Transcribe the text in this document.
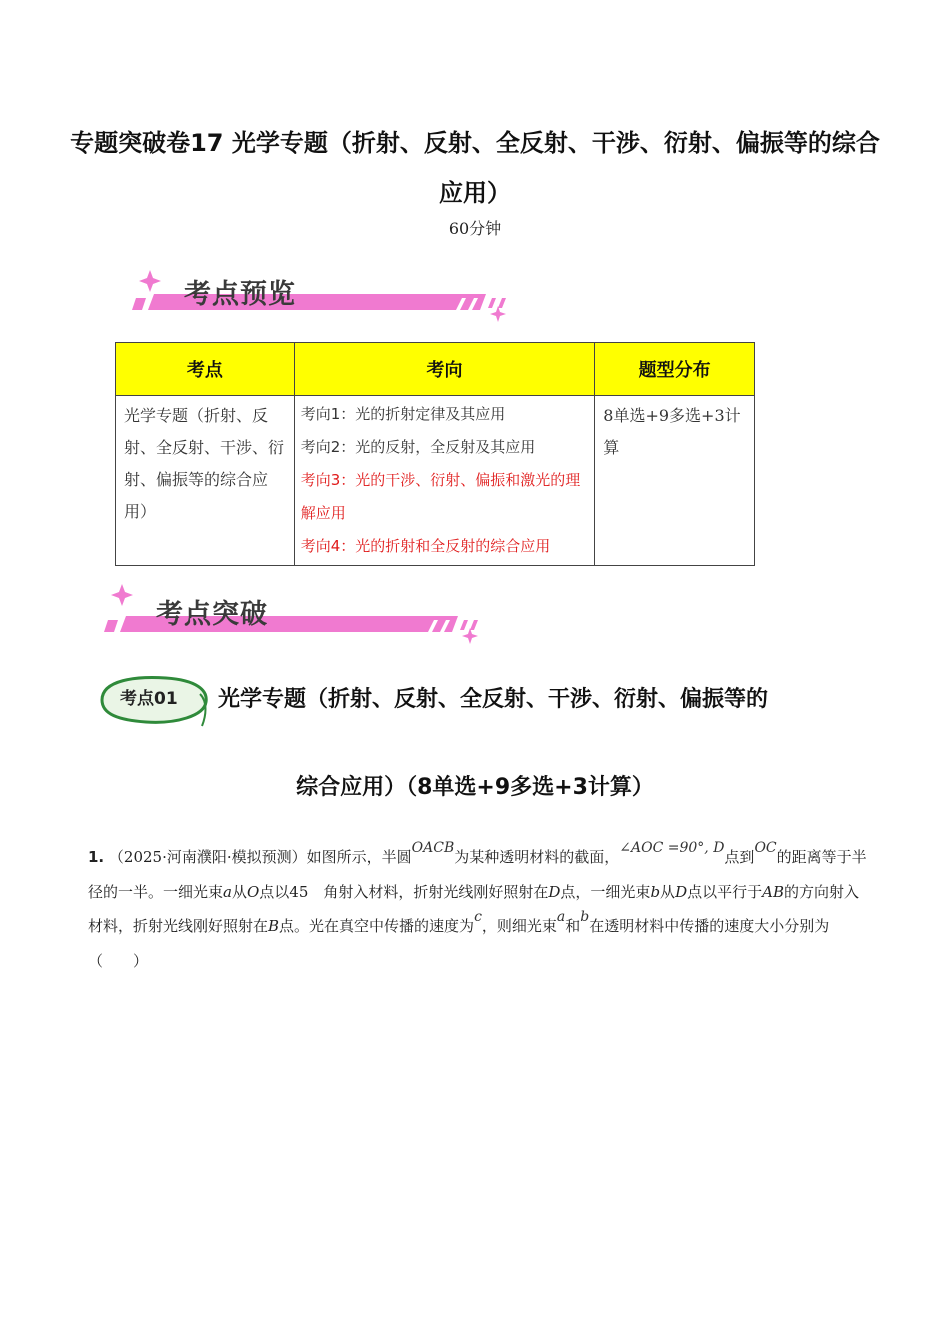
专题突破卷17 光学专题（折射、反射、全反射、干涉、衍射、偏振等的综合应用）
60分钟
考点预览
考点	考向	题型分布
光学专题（折射、反射、全反射、干涉、衍射、偏振等的综合应用）	考向1：光的折射定律及其应用
考向2：光的反射，全反射及其应用
考向3：光的干涉、衍射、偏振和激光的理解应用
考向4：光的折射和全反射的综合应用	8单选+9多选+3计算
考点突破
考点01 光学专题（折射、反射、全反射、干涉、衍射、偏振等的
综合应用）（8单选+9多选+3计算）
1. （2025·河南濮阳·模拟预测）如图所示，半圆OACB为某种透明材料的截面，∠AOC =90°, D点到OC的距离等于半径的一半。一细光束a从O点以45　角射入材料，折射光线刚好照射在D点，一细光束b从D点以平行于AB的方向射入材料，折射光线刚好照射在B点。光在真空中传播的速度为c，则细光束a和b在透明材料中传播的速度大小分别为（　　）
